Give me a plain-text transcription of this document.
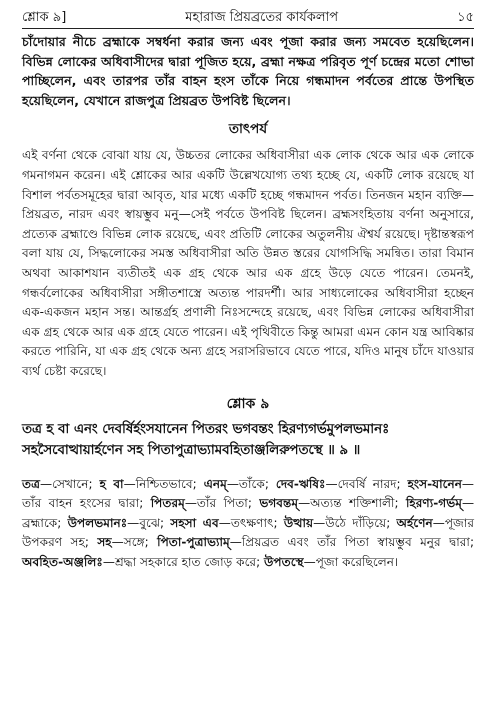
শ্লোক ৯]	মহারাজ প্রিয়ব্রতের কার্যকলাপ	১৫

চাঁদোয়ার নীচে ব্রহ্মাকে সম্বর্ধনা করার জন্য এবং পূজা করার জন্য সমবেত হয়েছিলেন। বিভিন্ন লোকের অধিবাসীদের দ্বারা পূজিত হয়ে, ব্রহ্মা নক্ষত্র পরিবৃত পূর্ণ চন্দ্রের মতো শোভা পাচ্ছিলেন, এবং তারপর তাঁর বাহন হংস তাঁকে নিয়ে গন্ধমাদন পর্বতের প্রান্তে উপস্থিত হয়েছিলেন, যেখানে রাজপুত্র প্রিয়ব্রত উপবিষ্ট ছিলেন।

তাৎপর্য

এই বর্ণনা থেকে বোঝা যায় যে, উচ্চতর লোকের অধিবাসীরা এক লোক থেকে আর এক লোকে গমনাগমন করেন। এই শ্লোকের আর একটি উল্লেখযোগ্য তথ্য হচ্ছে যে, একটি লোক রয়েছে যা বিশাল পর্বতসমূহের দ্বারা আবৃত, যার মধ্যে একটি হচ্ছে গন্ধমাদন পর্বত। তিনজন মহান ব্যক্তি—প্রিয়ব্রত, নারদ এবং স্বায়ম্ভুব মনু—সেই পর্বতে উপবিষ্ট ছিলেন। ব্রহ্মসংহিতায় বর্ণনা অনুসারে, প্রত্যেক ব্রহ্মাণ্ডে বিভিন্ন লোক রয়েছে, এবং প্রতিটি লোকের অতুলনীয় ঐশ্বর্য রয়েছে। দৃষ্টান্তস্বরূপ বলা যায় যে, সিদ্ধলোকের সমস্ত অধিবাসীরা অতি উন্নত স্তরের যোগসিদ্ধি সমন্বিত। তারা বিমান অথবা আকাশযান ব্যতীতই এক গ্রহ থেকে আর এক গ্রহে উড়ে যেতে পারেন। তেমনই, গন্ধর্বলোকের অধিবাসীরা সঙ্গীতশাস্ত্রে অত্যন্ত পারদর্শী। আর সাধ্যলোকের অধিবাসীরা হচ্ছেন এক-একজন মহান সন্ত। আন্তর্গ্রহ প্রণালী নিঃসন্দেহে রয়েছে, এবং বিভিন্ন লোকের অধিবাসীরা এক গ্রহ থেকে আর এক গ্রহে যেতে পারেন। এই পৃথিবীতে কিন্তু আমরা এমন কোন যন্ত্র আবিষ্কার করতে পারিনি, যা এক গ্রহ থেকে অন্য গ্রহে সরাসরিভাবে যেতে পারে, যদিও মানুষ চাঁদে যাওয়ার ব্যর্থ চেষ্টা করেছে।

শ্লোক ৯
তত্র হ বা এনং দেবর্ষির্হংসযানেন পিতরং ভগবন্তং হিরণ্যগর্ভমুপলভমানঃ
সহসৈবোত্থায়ার্হণেন সহ পিতাপুত্রাভ্যামবহিতাঞ্জলিরুপতস্থে ॥ ৯ ॥
তত্র—সেখানে; হ বা—নিশ্চিতভাবে; এনম্—তাঁকে; দেব-ঋষিঃ—দেবর্ষি নারদ; হংস-যানেন—তাঁর বাহন হংসের দ্বারা; পিতরম্—তাঁর পিতা; ভগবন্তম্—অত্যন্ত শক্তিশালী; হিরণ্য-গর্ভম্—ব্রহ্মাকে; উপলভমানঃ—বুঝে; সহসা এব—তৎক্ষণাৎ; উত্থায়—উঠে দাঁড়িয়ে; অর্হণেন—পূজার উপকরণ সহ; সহ—সঙ্গে; পিতা-পুত্রাভ্যাম্—প্রিয়ব্রত এবং তাঁর পিতা স্বায়ম্ভুব মনুর দ্বারা; অবহিত-অঞ্জলিঃ—শ্রদ্ধা সহকারে হাত জোড় করে; উপতস্থে—পূজা করেছিলেন।
